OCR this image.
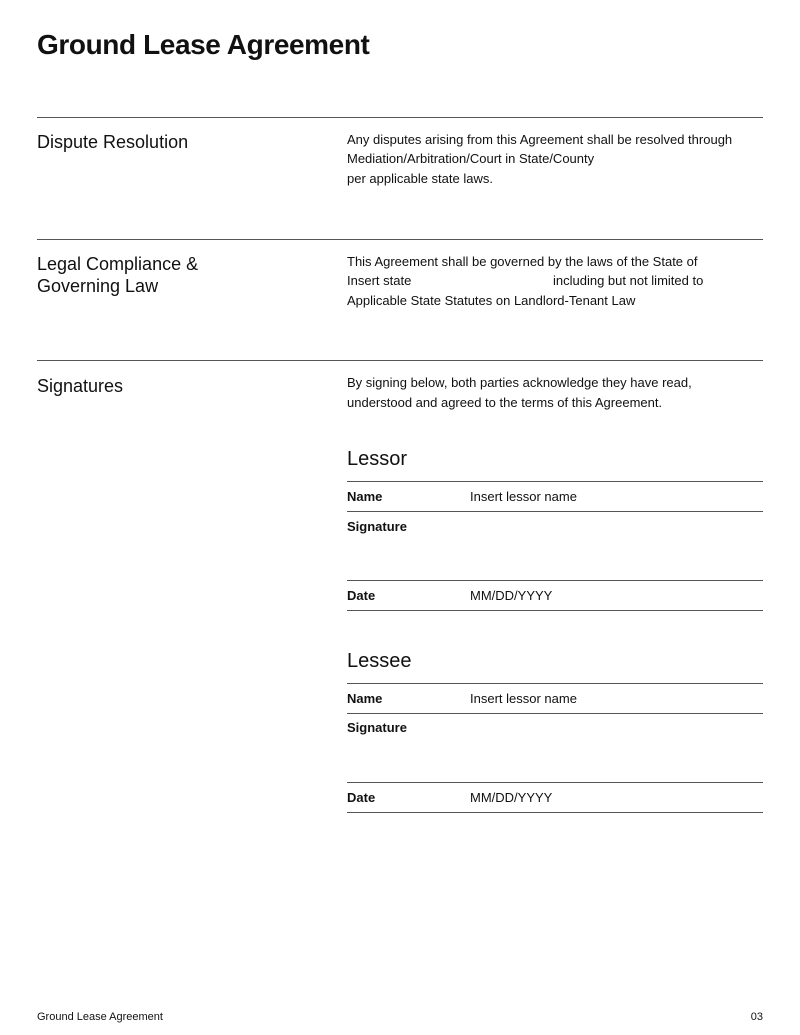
Ground Lease Agreement
Dispute Resolution	Any disputes arising from this Agreement shall be resolved through
Mediation/Arbitration/Court in State/County
per applicable state laws.
Legal Compliance &
Governing Law
This Agreement shall be governed by the laws of the State of
Insert state	including but not limited to
Applicable State Statutes on Landlord-Tenant Law
Signatures	By signing below, both parties acknowledge they have read,
understood and agreed to the terms of this Agreement.
Lessor
Name	Insert lessor name
Signature
Date	MM/DD/YYYY
Lessee
Name	Insert lessor name
Signature
Date	MM/DD/YYYY
Ground Lease Agreement	03
